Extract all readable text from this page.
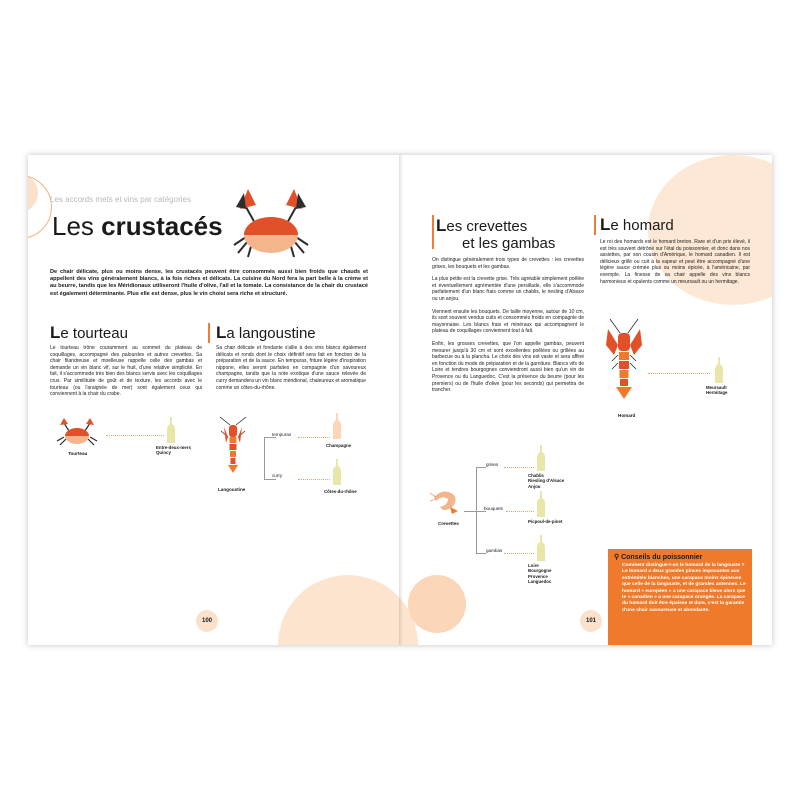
Les accords mets et vins par catégories
Les crustacés
De chair délicate, plus ou moins dense, les crustacés peuvent être consommés aussi bien froids que chauds et appellent des vins généralement blancs, à la fois riches et délicats. La cuisine du Nord fera la part belle à la crème et au beurre, tandis que les Méridionaux utiliseront l'huile d'olive, l'ail et la tomate. La consistance de la chair du crustacé est également déterminante. Plus elle est dense, plus le vin choisi sera riche et structuré.
Le tourteau
Le tourteau trône couramment au sommet du plateau de coquillages, accompagné des palourdes et autres crevettes. Sa chair filandreuse et moelleuse rappelle celle des gambas et demande un vin blanc vif, sur le fruit, d'une relative simplicité. En fait, il s'accommode très bien des blancs servis avec les coquillages crus. Par similitude de goût et de texture, les accords avec le tourteau (ou l'araignée de mer) sont également ceux qui conviennent à la chair du crabe.
Tourteau
Entre-deux-mers
Quincy
La langoustine
Sa chair délicate et fondante s'allie à des vins blancs également délicats et ronds dont le choix définitif sera fait en fonction de la préparation et de la sauce. En tempuras, friture légère d'inspiration nippone, elles seront parfaites en compagnie d'un savoureux champagne, tandis que la note exotique d'une sauce relevée de curry demandera un vin blanc méridional, chaleureux et aromatique comme un côtes-du-rhône.
Langoustine
tempuras
curry
Champagne
Côtes-du-rhône
100
Les crevettes
et les gambas

On distingue généralement trois types de crevettes : les crevettes grises, les bouquets et les gambas.

La plus petite est la crevette grise. Très agréable simplement poêlée et éventuellement agrémentée d'une persillade, elle s'accommode parfaitement d'un blanc frais comme un chablis, le riesling d'Alsace ou un anjou.

Viennent ensuite les bouquets. De taille moyenne, autour de 10 cm, ils sont souvent vendus cuits et consommés froids en compagnie de mayonnaise. Les blancs frais et minéraux qui accompagnent le plateau de coquillages conviennent tout à fait.

Enfin, les grosses crevettes, que l'on appelle gambas, peuvent mesurer jusqu'à 30 cm et sont excellentes poêlées ou grillées au barbecue ou à la plancha. Le choix des vins est vaste et sera affiné en fonction du mode de préparation et de la garniture. Blancs vifs de Loire et tendres bourgognes conviendront aussi bien qu'un vin de Provence ou du Languedoc. C'est la présence du beurre (pour les premiers) ou de l'huile d'olive (pour les seconds) qui permettra de trancher.

Crevettes
grises
bouquets
gambas
Chablis
Riesling d'Alsace
Anjou
Picpoul-de-pinet
Loire
Bourgogne
Provence
Languedoc
Le homard
Le roi des homards est le homard breton. Rare et d'un prix élevé, il est très souvent détrôné sur l'étal du poissonnier, et donc dans nos assiettes, par son cousin d'Amérique, le homard canadien. Il est délicieux grillé ou cuit à la vapeur et peut être accompagné d'une légère sauce crémée plus ou moins épicée, à l'américaine, par exemple. La finesse de sa chair appelle des vins blancs harmonieux et opulents comme un meursault ou un hermitage.
Homard
Meursault
Hermitage
⚲ Conseils du poissonnier
Comment distingue-t-on le homard de la langouste ? Le homard a deux grandes pinces imposantes aux extrémités blanches, une carapace moins épineuse que celle de la langouste, et de grandes antennes. Le homard « européen » a une carapace bleue alors que le « canadien » a une carapace orangée. La carapace du homard doit être épaisse et dure, c'est la garantie d'une chair savoureuse et abondante.
101
